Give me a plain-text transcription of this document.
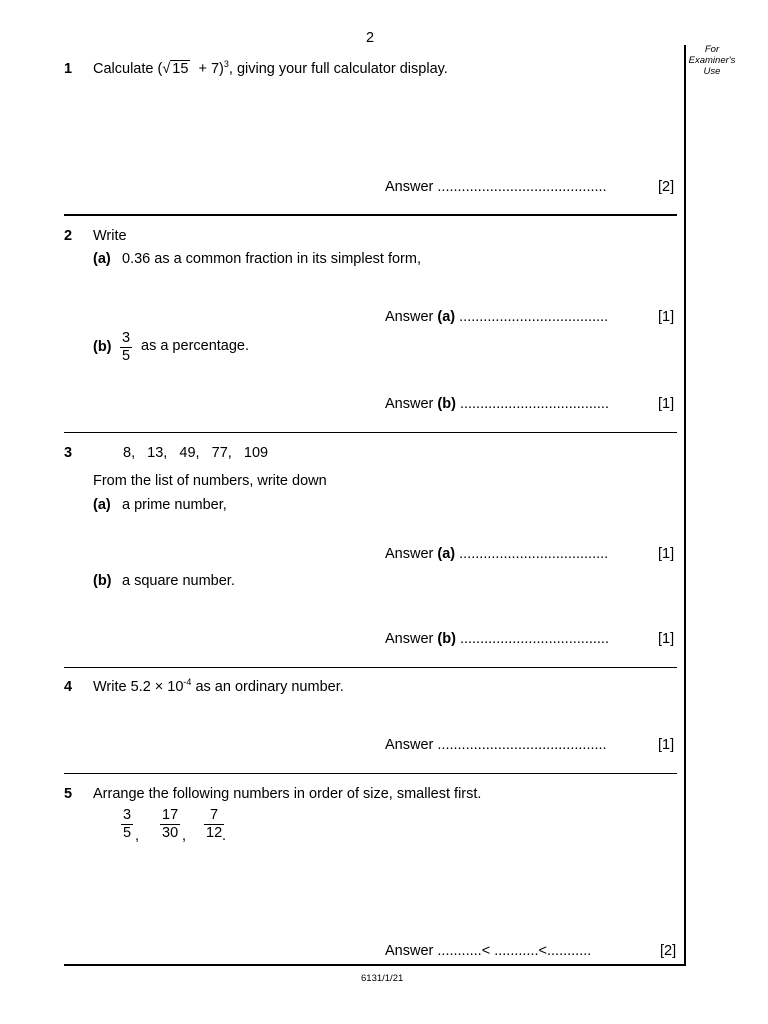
2
For
Examiner's
Use
1 Calculate (√ 15 + 7)$^3$, giving your full calculator display.
Answer ..........................................	[2]
2 Write
(a) 0.36 as a common fraction in its simplest form,
Answer (a) .....................................	[1]
$(b) \frac{3}{5}$ as a percentage.
Answer (b) .....................................	[1]
3	8,   13,   49,   77,   109
From the list of numbers, write down
(a) a prime number,
Answer (a) .....................................	[1]
(b) a square number.
Answer (b) .....................................	[1]
4 Write $5.2 \times 10^{-4}$ as an ordinary number.
Answer ..........................................	[1]
5 Arrange the following numbers in order of size, smallest first.
$\frac{3}{5}$ , $\frac{17}{30}$ , $\frac{7}{12}$
.
Answer ...........< ...........<...........	[2]
6131/1/21
